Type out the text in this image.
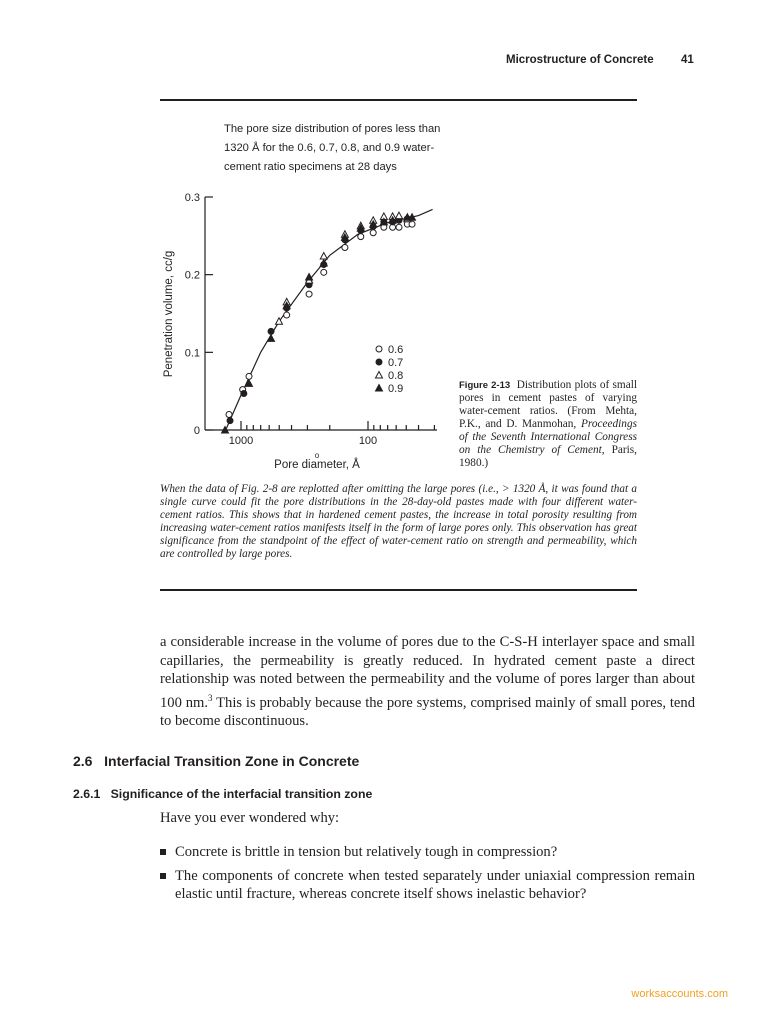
Microstructure of Concrete 41
The pore size distribution of pores less than 1320 Å for the 0.6, 0.7, 0.8, and 0.9 water-cement ratio specimens at 28 days
0
0.1
0.2
0.3
1000	100
o
0.6
0.7
0.8
0.9
Penetration volume, cc/g
Pore diameter, Å
Figure 2-13 Distribution plots of small pores in cement pastes of varying water-cement ratios. (From Mehta, P.K., and D. Manmohan, Proceedings of the Seventh International Congress on the Chemistry of Cement, Paris, 1980.)
When the data of Fig. 2-8 are replotted after omitting the large pores (i.e., > 1320 Å, it was found that a single curve could fit the pore distributions in the 28-day-old pastes made with four different water-cement ratios. This shows that in hardened cement pastes, the increase in total porosity resulting from increasing water-cement ratios manifests itself in the form of large pores only. This observation has great significance from the standpoint of the effect of water-cement ratio on strength and permeability, which are controlled by large pores.
a considerable increase in the volume of pores due to the C-S-H interlayer space and small capillaries, the permeability is greatly reduced. In hydrated cement paste a direct relationship was noted between the permeability and the volume of pores larger than about 100 nm.$^3$ This is probably because the pore systems, comprised mainly of small pores, tend to become discontinuous.
2.6   Interfacial Transition Zone in Concrete
2.6.1   Significance of the interfacial transition zone
Have you ever wondered why:
Concrete is brittle in tension but relatively tough in compression?
The components of concrete when tested separately under uniaxial compression remain elastic until fracture, whereas concrete itself shows inelastic behavior?
worksaccounts.com
